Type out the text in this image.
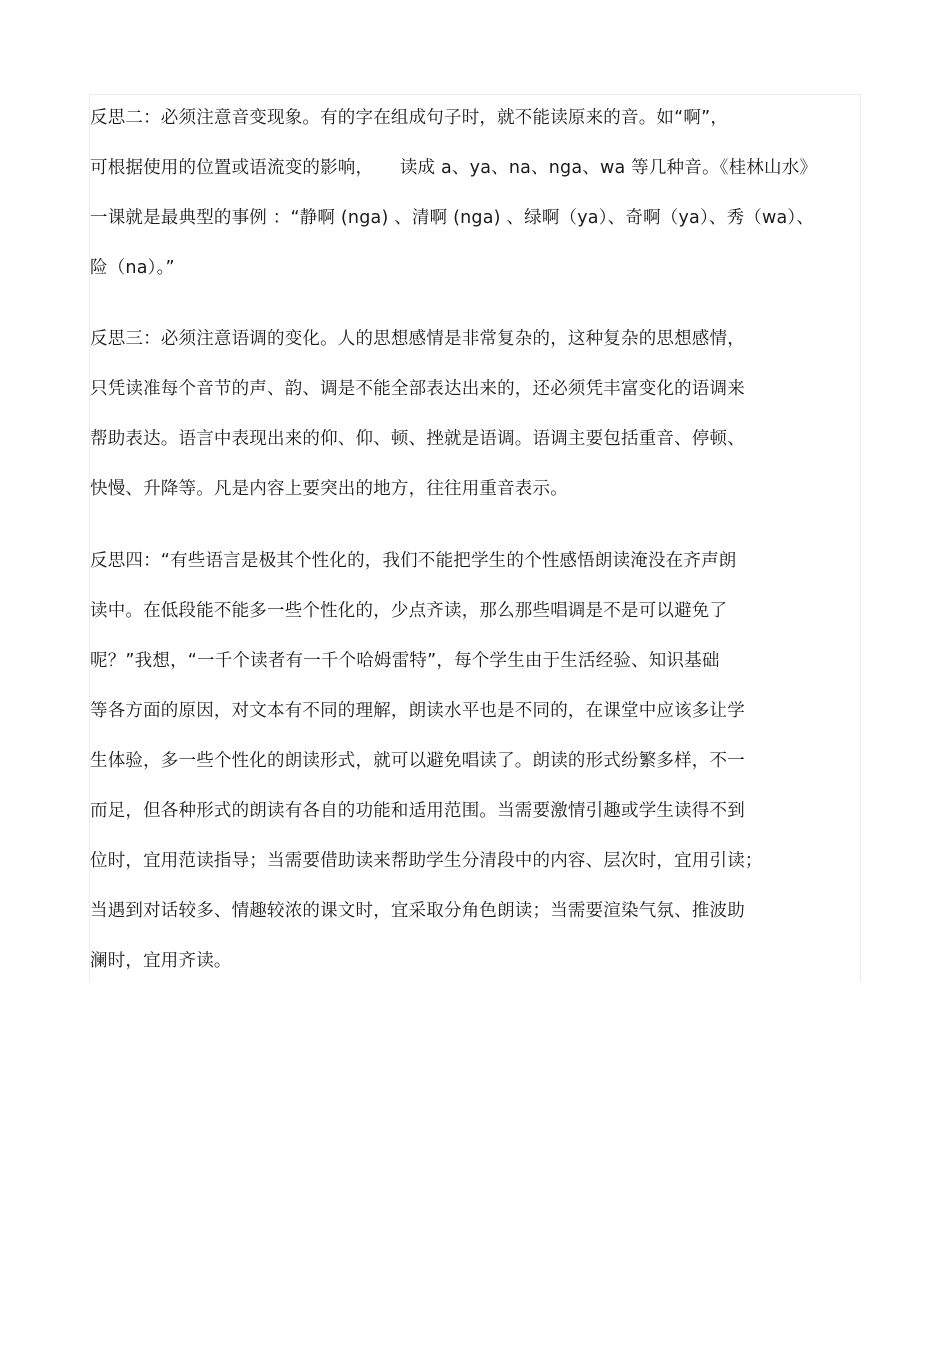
反思二：必须注意音变现象。有的字在组成句子时，就不能读原来的音。如“啊”，
可根据使用的位置或语流变的影响，　　读成 a、ya、na、nga、wa 等几种音。《桂林山水》
一课就是最典型的事例 ：“静啊 (nga) 、清啊 (nga) 、绿啊（ya）、奇啊（ya）、秀（wa）、
险（na）。”
反思三：必须注意语调的变化。人的思想感情是非常复杂的，这种复杂的思想感情，
只凭读准每个音节的声、韵、调是不能全部表达出来的，还必须凭丰富变化的语调来
帮助表达。语言中表现出来的仰、仰、顿、挫就是语调。语调主要包括重音、停顿、
快慢、升降等。凡是内容上要突出的地方，往往用重音表示。
反思四：“有些语言是极其个性化的，我们不能把学生的个性感悟朗读淹没在齐声朗
读中。在低段能不能多一些个性化的，少点齐读，那么那些唱调是不是可以避免了
呢？”我想，“一千个读者有一千个哈姆雷特”，每个学生由于生活经验、知识基础
等各方面的原因，对文本有不同的理解，朗读水平也是不同的，在课堂中应该多让学
生体验，多一些个性化的朗读形式，就可以避免唱读了。朗读的形式纷繁多样，不一
而足，但各种形式的朗读有各自的功能和适用范围。当需要激情引趣或学生读得不到
位时，宜用范读指导；当需要借助读来帮助学生分清段中的内容、层次时，宜用引读；
当遇到对话较多、情趣较浓的课文时，宜采取分角色朗读；当需要渲染气氛、推波助
澜时，宜用齐读。
